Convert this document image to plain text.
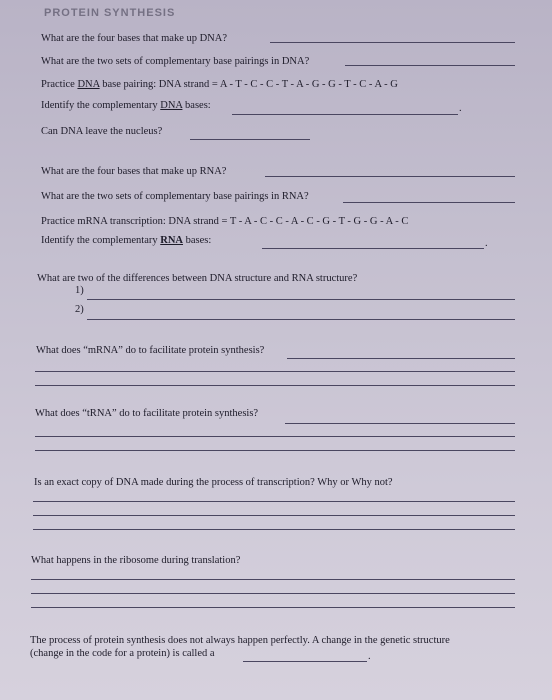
PROTEIN SYNTHESIS
What are the four bases that make up DNA?
What are the two sets of complementary base pairings in DNA?
Practice DNA base pairing: DNA strand = A - T - C - C - T - A - G - G - T - C - A - G
Identify the complementary DNA bases:	.
Can DNA leave the nucleus?
What are the four bases that make up RNA?
What are the two sets of complementary base pairings in RNA?
Practice mRNA transcription: DNA strand = T - A - C - C - A - C - G - T - G - G - A - C
Identify the complementary RNA bases:	.
What are two of the differences between DNA structure and RNA structure?
1)
2)
What does “mRNA” do to facilitate protein synthesis?
What does “tRNA” do to facilitate protein synthesis?
Is an exact copy of DNA made during the process of transcription? Why or Why not?
What happens in the ribosome during translation?
The process of protein synthesis does not always happen perfectly. A change in the genetic structure
(change in the code for a protein) is called a	.
